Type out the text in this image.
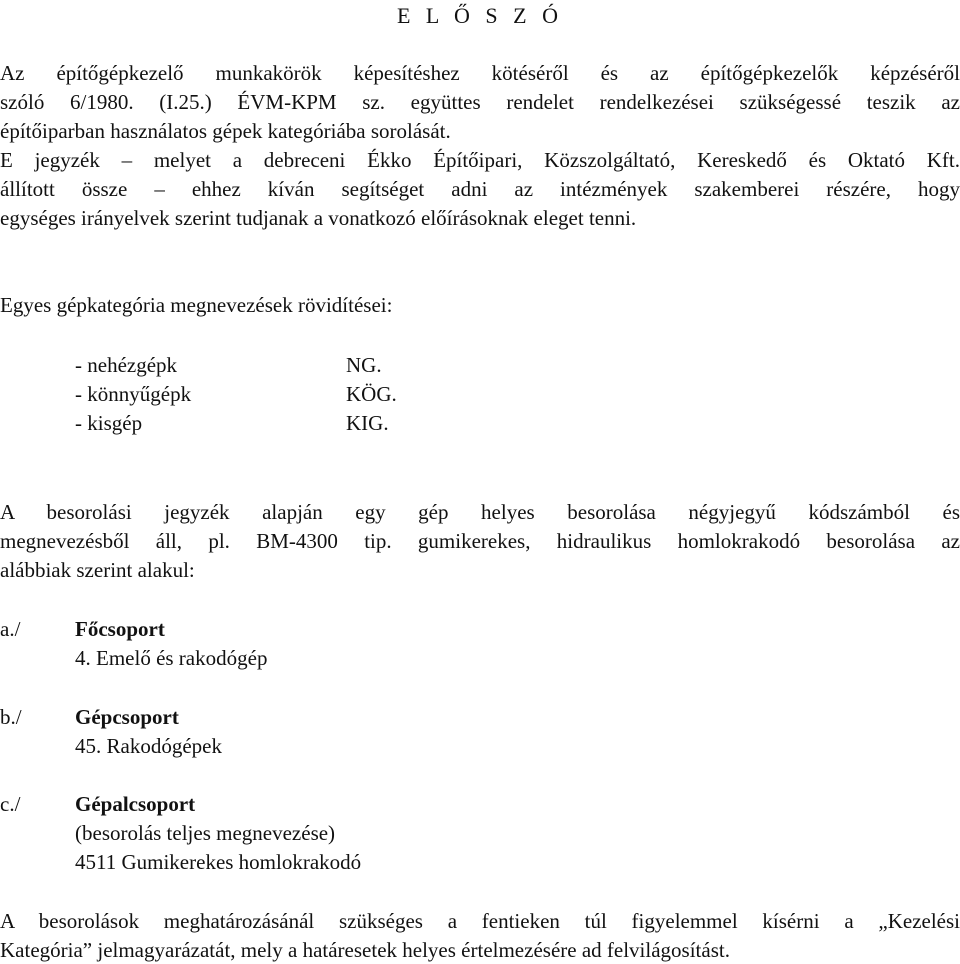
E L Ő S Z Ó
Az építőgépkezelő munkakörök képesítéshez kötéséről és az építőgépkezelők képzéséről
szóló 6/1980. (I.25.) ÉVM-KPM sz. együttes rendelet rendelkezései szükségessé teszik az
építőiparban használatos gépek kategóriába sorolását.
E jegyzék – melyet a debreceni Ékko Építőipari, Közszolgáltató, Kereskedő és Oktató Kft.
állított össze – ehhez kíván segítséget adni az intézmények szakemberei részére, hogy
egységes irányelvek szerint tudjanak a vonatkozó előírásoknak eleget tenni.
Egyes gépkategória megnevezések rövidítései:
- nehézgépk	NG.
- könnyűgépk	KÖG.
- kisgép	KIG.
A besorolási jegyzék alapján egy gép helyes besorolása négyjegyű kódszámból és
megnevezésből áll, pl. BM-4300 tip. gumikerekes, hidraulikus homlokrakodó besorolása az
alábbiak szerint alakul:
a./	Főcsoport
4. Emelő és rakodógép
b./	Gépcsoport
45. Rakodógépek
c./	Gépalcsoport
(besorolás teljes megnevezése)
4511 Gumikerekes homlokrakodó
A besorolások meghatározásánál szükséges a fentieken túl figyelemmel kísérni a „Kezelési
Kategória” jelmagyarázatát, mely a határesetek helyes értelmezésére ad felvilágosítást.
